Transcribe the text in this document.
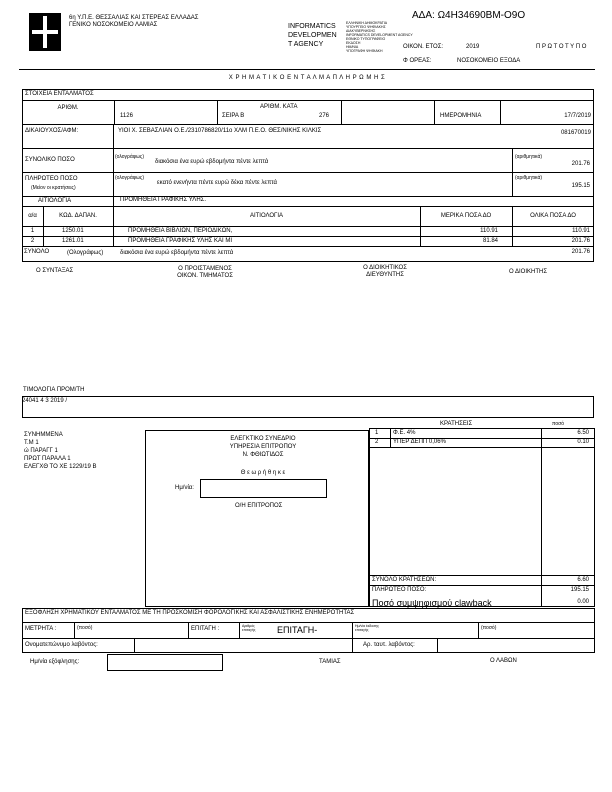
6η Υ.Π.Ε. ΘΕΣΣΑΛΙΑΣ ΚΑΙ ΣΤΕΡΕΑΣ ΕΛΛΑΔΑΣ
ΓΕΝΙΚΟ ΝΟΣΟΚΟΜΕΙΟ ΛΑΜΙΑΣ	INFORMATICS
DEVELOPMEN
T AGENCY
ΕΛΛΗΝΙΚΗ ΔΗΜΟΚΡΑΤΙΑ
ΥΠΟΥΡΓΕΙΟ ΨΗΦΙΑΚΗΣ
ΔΙΑΚΥΒΕΡΝΗΣΗΣ
INFORMATICS DEVELOPMENT AGENCY
ΕΘΝΙΚΟ ΤΥΠΟΓΡΑΦΕΙΟ
ΕΚΔΟΣΗ
ΗΜ/ΝΙΑ
ΥΠΟΓΡΑΦΗ ΨΗΦΙΑΚΗ
ΑΔΑ: Ω4Η34690ΒΜ-Ο9Ο
ΟΙΚΟΝ. ΕΤΟΣ:	2019	Π Ρ Ω Τ Ο Τ Υ Π Ο
Φ ΟΡΕΑΣ:	ΝΟΣΟΚΟΜΕΙΟ ΕΞΟΔΑ
Χ Ρ Η Μ Α Τ Ι Κ Ο Ε Ν Τ Α Λ Μ Α Π Λ Η Ρ Ω Μ Η Σ
ΣΤΟΙΧΕΙΑ ΕΝΤΑΛΜΑΤΟΣ
ΑΡΙΘΜ.
1126	ΣΕΙΡΑ Β
ΑΡΙΘΜ. ΚΑΤΑ
276	ΗΜΕΡΟΜΗΝΙΑ	17/7/2019
ΔΙΚΑΙΟΥΧΟΣ/ΑΦΜ:	ΥΙΟΙ Χ. ΣΕΒΑΣΛΙΑΝ Ο.Ε./2310786820/11ο ΧΛΜ Π.Ε.Ο. ΘΕΣ/ΝΙΚΗΣ ΚΙΛΚΙΣ	081670019
ΣΥΝΟΛΙΚΟ ΠΟΣΟ	(ολογράφως)
διακόσια ένα ευρώ εβδομήντα πέντε λεπτά
(αριθμητικά)
201.76
ΠΛΗΡΩΤΕΟ ΠΟΣΟ
(Μείον οι κρατήσεις)
(ολογράφως)
εκατό ενενήντα πέντε ευρώ δέκα πέντε λεπτά
(αριθμητικά)
195.15
ΑΙΤΙΟΛΟΓΙΑ	ΠΡΟΜΗΘΕΙΑ ΓΡΑΦΙΚΗΣ ΥΛΗΣ.
α/α	ΚΩΔ. ΔΑΠΑΝ.	ΑΙΤΙΟΛΟΓΙΑ	ΜΕΡΙΚΑ ΠΟΣΑ ΔΟ	ΟΛΙΚΑ ΠΟΣΑ ΔΟ
1	1250.01	ΠΡΟΜΗΘΕΙΑ ΒΙΒΛΙΩΝ, ΠΕΡΙΟΔΙΚΩΝ,	110.91	110.91
2	1261.01	ΠΡΟΜΗΘΕΙΑ ΓΡΑΦΙΚΗΣ ΥΛΗΣ ΚΑΙ ΜΙ	81.84	201.76
ΣΥΝΟΛΟ	(Ολογράφως)	διακόσια ένα ευρώ εβδομήντα πέντε λεπτά	201.76
Ο ΣΥΝΤΑΞΑΣ	Ο ΠΡΟΙΣΤΑΜΕΝΟΣ
ΟΙΚΟΝ. ΤΜΗΜΑΤΟΣ
Ο ΔΙΟΙΚΗΤΙΚΟΣ
ΔΙΕΥΘΥΝΤΗΣ	Ο ΔΙΟΙΚΗΤΗΣ
ΤΙΜΟΛΟΓΙΑ ΠΡΟΜ/ΤΗ
24041 4 3 2019 /
ΣΥΝΗΜΜΕΝΑ
Τ.Μ 1
ώ ΠΑΡΑΓΓ 1
ΠΡΩΤ ΠΑΡΑΛΑ 1
ΕΛΕΓΧΘ ΤΟ ΧΕ 1229/19 Β
ΕΛΕΓΚΤΙΚΟ ΣΥΝΕΔΡΙΟ
ΥΠΗΡΕΣΙΑ ΕΠΙΤΡΟΠΟΥ
Ν. ΦΘΙΩΤΙΔΟΣ
Θ ε ω ρ ή θ η κ ε
Ημ/νία:
Ο/Η ΕΠΙΤΡΟΠΟΣ
ΚΡΑΤΗΣΕΙΣ	ποσό
1 Φ.Ε. 4%	6.50
2 ΥΠΕΡ ΔΕΠΠ 0,06%	0.10
ΣΥΝΟΛΟ ΚΡΑΤΗΣΕΩΝ:	6.60
ΠΛΗΡΩΤΕΟ ΠΟΣΟ:	195.15
Ποσό συμψηφισμού clawback	0.00
ΕΞΟΦΛΗΣΗ ΧΡΗΜΑΤΙΚΟΥ ΕΝΤΑΛΜΑΤΟΣ ΜΕ ΤΗ ΠΡΟΣΚΟΜΙΣΗ ΦΟΡΟΛΟΓΙΚΗΣ ΚΑΙ ΑΣΦΑΛΙΣΤΙΚΗΣ ΕΝΗΜΕΡΟΤΗΤΑΣ
ΜΕΤΡΗΤΑ :	(ποσό)	ΕΠΙΤΑΓΗ :	Αριθμός
επιταγής ΕΠΙΤΑΓΗ-	Ημ/νία έκδοσης
επιταγής	(ποσό)
Ονοματεπώνυμο λαβόντος:	Αρ. ταυτ. λαβόντος:
Ημ/νία εξόφλησης:	ΤΑΜΙΑΣ	Ο ΛΑΒΩΝ
